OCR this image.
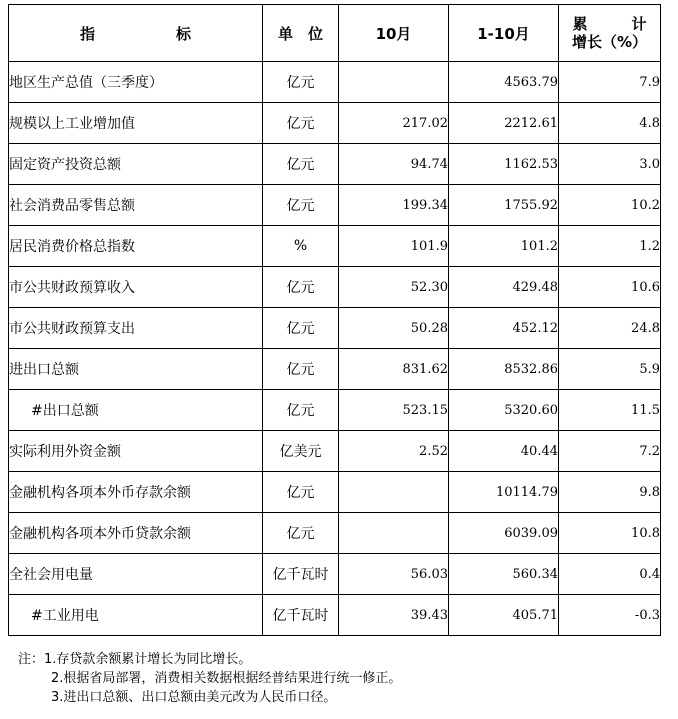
指　标	单位	10月	1-10月	累 计
增长（%）

地区生产总值（三季度）	亿元		4563.79	7.9
规模以上工业增加值	亿元	217.02	2212.61	4.8
固定资产投资总额	亿元	94.74	1162.53	3.0
社会消费品零售总额	亿元	199.34	1755.92	10.2
居民消费价格总指数	%	101.9	101.2	1.2
市公共财政预算收入	亿元	52.30	429.48	10.6
市公共财政预算支出	亿元	50.28	452.12	24.8
进出口总额	亿元	831.62	8532.86	5.9
#出口总额	亿元	523.15	5320.60	11.5
实际利用外资金额	亿美元	2.52	40.44	7.2
金融机构各项本外币存款余额	亿元		10114.79	9.8
金融机构各项本外币贷款余额	亿元		6039.09	10.8
全社会用电量	亿千瓦时	56.03	560.34	0.4
#工业用电	亿千瓦时	39.43	405.71	-0.3
注：1.存贷款余额累计增长为同比增长。
2.根据省局部署，消费相关数据根据经普结果进行统一修正。
3.进出口总额、出口总额由美元改为人民币口径。
